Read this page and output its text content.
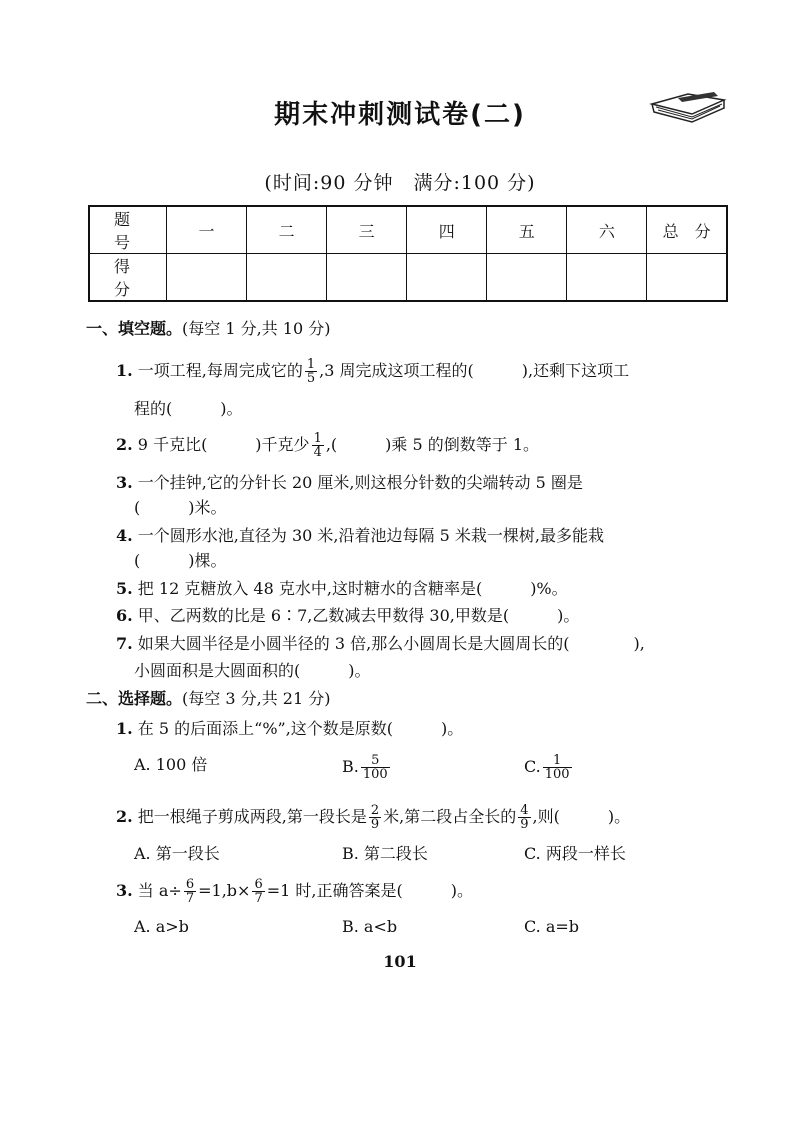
期末冲刺测试卷(二)
(时间:90 分钟　满分:100 分)
题　号	一	二	三	四	五	六	总　分
得　分							
一、填空题。(每空 1 分,共 10 分)
1. 一项工程,每周完成它的 $\frac{1}{5} ,3$ 周完成这项工程的(　　　),还剩下这项工
程的(　　　)。
2. 9 千克比(　　　)千克少 $\frac{1}{4}$ ,(　　　)乘 5 的倒数等于 1。
3. 一个挂钟,它的分针长 20 厘米,则这根分针数的尖端转动 5 圈是
(　　　)米。
4. 一个圆形水池,直径为 30 米,沿着池边每隔 5 米栽一棵树,最多能栽
(　　　)棵。
5. 把 12 克糖放入 48 克水中,这时糖水的含糖率是(　　　)%。
6. 甲、乙两数的比是 6∶7,乙数减去甲数得 30,甲数是(　　　)。
7. 如果大圆半径是小圆半径的 3 倍,那么小圆周长是大圆周长的(　　　　),
小圆面积是大圆面积的(　　　)。
二、选择题。(每空 3 分,共 21 分)
1. 在 5 的后面添上“%”,这个数是原数(　　　)。
A. 100 倍	B. $\frac{5}{100}$	C. $\frac{1}{100}$
2. 把一根绳子剪成两段,第一段长是 $\frac{2}{9}$ 米,第二段占全长的 $\frac{4}{9}$ ,则(　　　)。
A. 第一段长	B. 第二段长	C. 两段一样长
3. 当 $a\div \frac{6}{7} =1,b\times \frac{6}{7} =1$ 时,正确答案是(　　　)。
A. a>b	B. a<b	C. a=b
101
